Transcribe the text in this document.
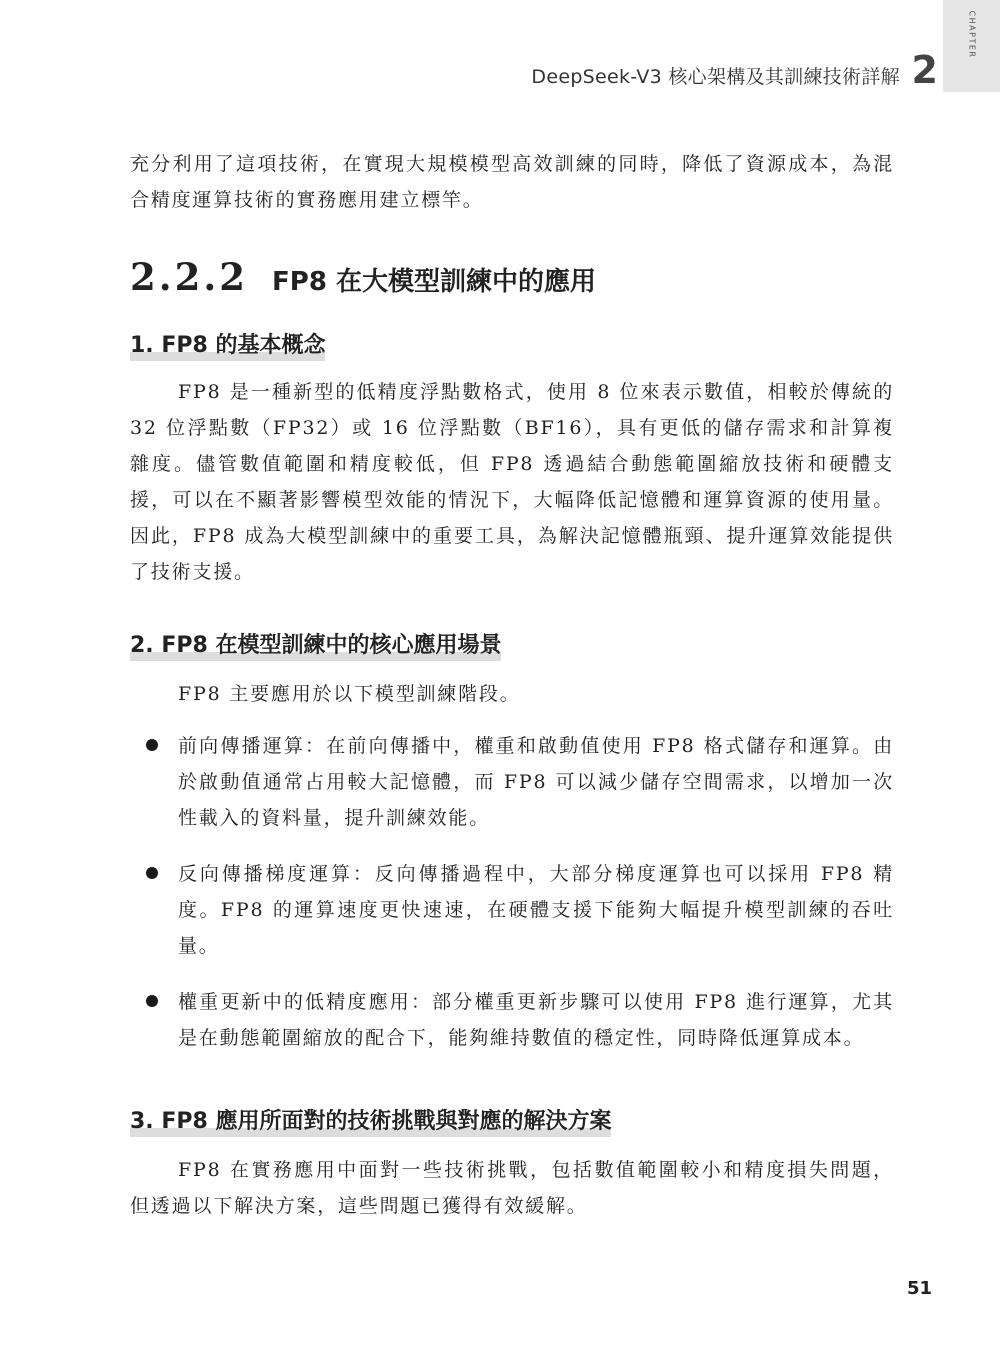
CHAPTER
DeepSeek-V3 核心架構及其訓練技術詳解 2

充分利用了這項技術，在實現大規模模型高效訓練的同時，降低了資源成本，為混合精度運算技術的實務應用建立標竿。

2.2.2 FP8 在大模型訓練中的應用
1. FP8 的基本概念

FP8 是一種新型的低精度浮點數格式，使用 8 位來表示數值，相較於傳統的 32 位浮點數（FP32）或 16 位浮點數（BF16），具有更低的儲存需求和計算複雜度。儘管數值範圍和精度較低，但 FP8 透過結合動態範圍縮放技術和硬體支援，可以在不顯著影響模型效能的情況下，大幅降低記憶體和運算資源的使用量。因此，FP8 成為大模型訓練中的重要工具，為解決記憶體瓶頸、提升運算效能提供了技術支援。

2. FP8 在模型訓練中的核心應用場景

FP8 主要應用於以下模型訓練階段。

前向傳播運算：在前向傳播中，權重和啟動值使用 FP8 格式儲存和運算。由於啟動值通常占用較大記憶體，而 FP8 可以減少儲存空間需求，以增加一次性載入的資料量，提升訓練效能。
反向傳播梯度運算：反向傳播過程中，大部分梯度運算也可以採用 FP8 精度。FP8 的運算速度更快速速，在硬體支援下能夠大幅提升模型訓練的吞吐量。
權重更新中的低精度應用：部分權重更新步驟可以使用 FP8 進行運算，尤其是在動態範圍縮放的配合下，能夠維持數值的穩定性，同時降低運算成本。
3. FP8 應用所面對的技術挑戰與對應的解決方案

FP8 在實務應用中面對一些技術挑戰，包括數值範圍較小和精度損失問題，但透過以下解決方案，這些問題已獲得有效緩解。

51
